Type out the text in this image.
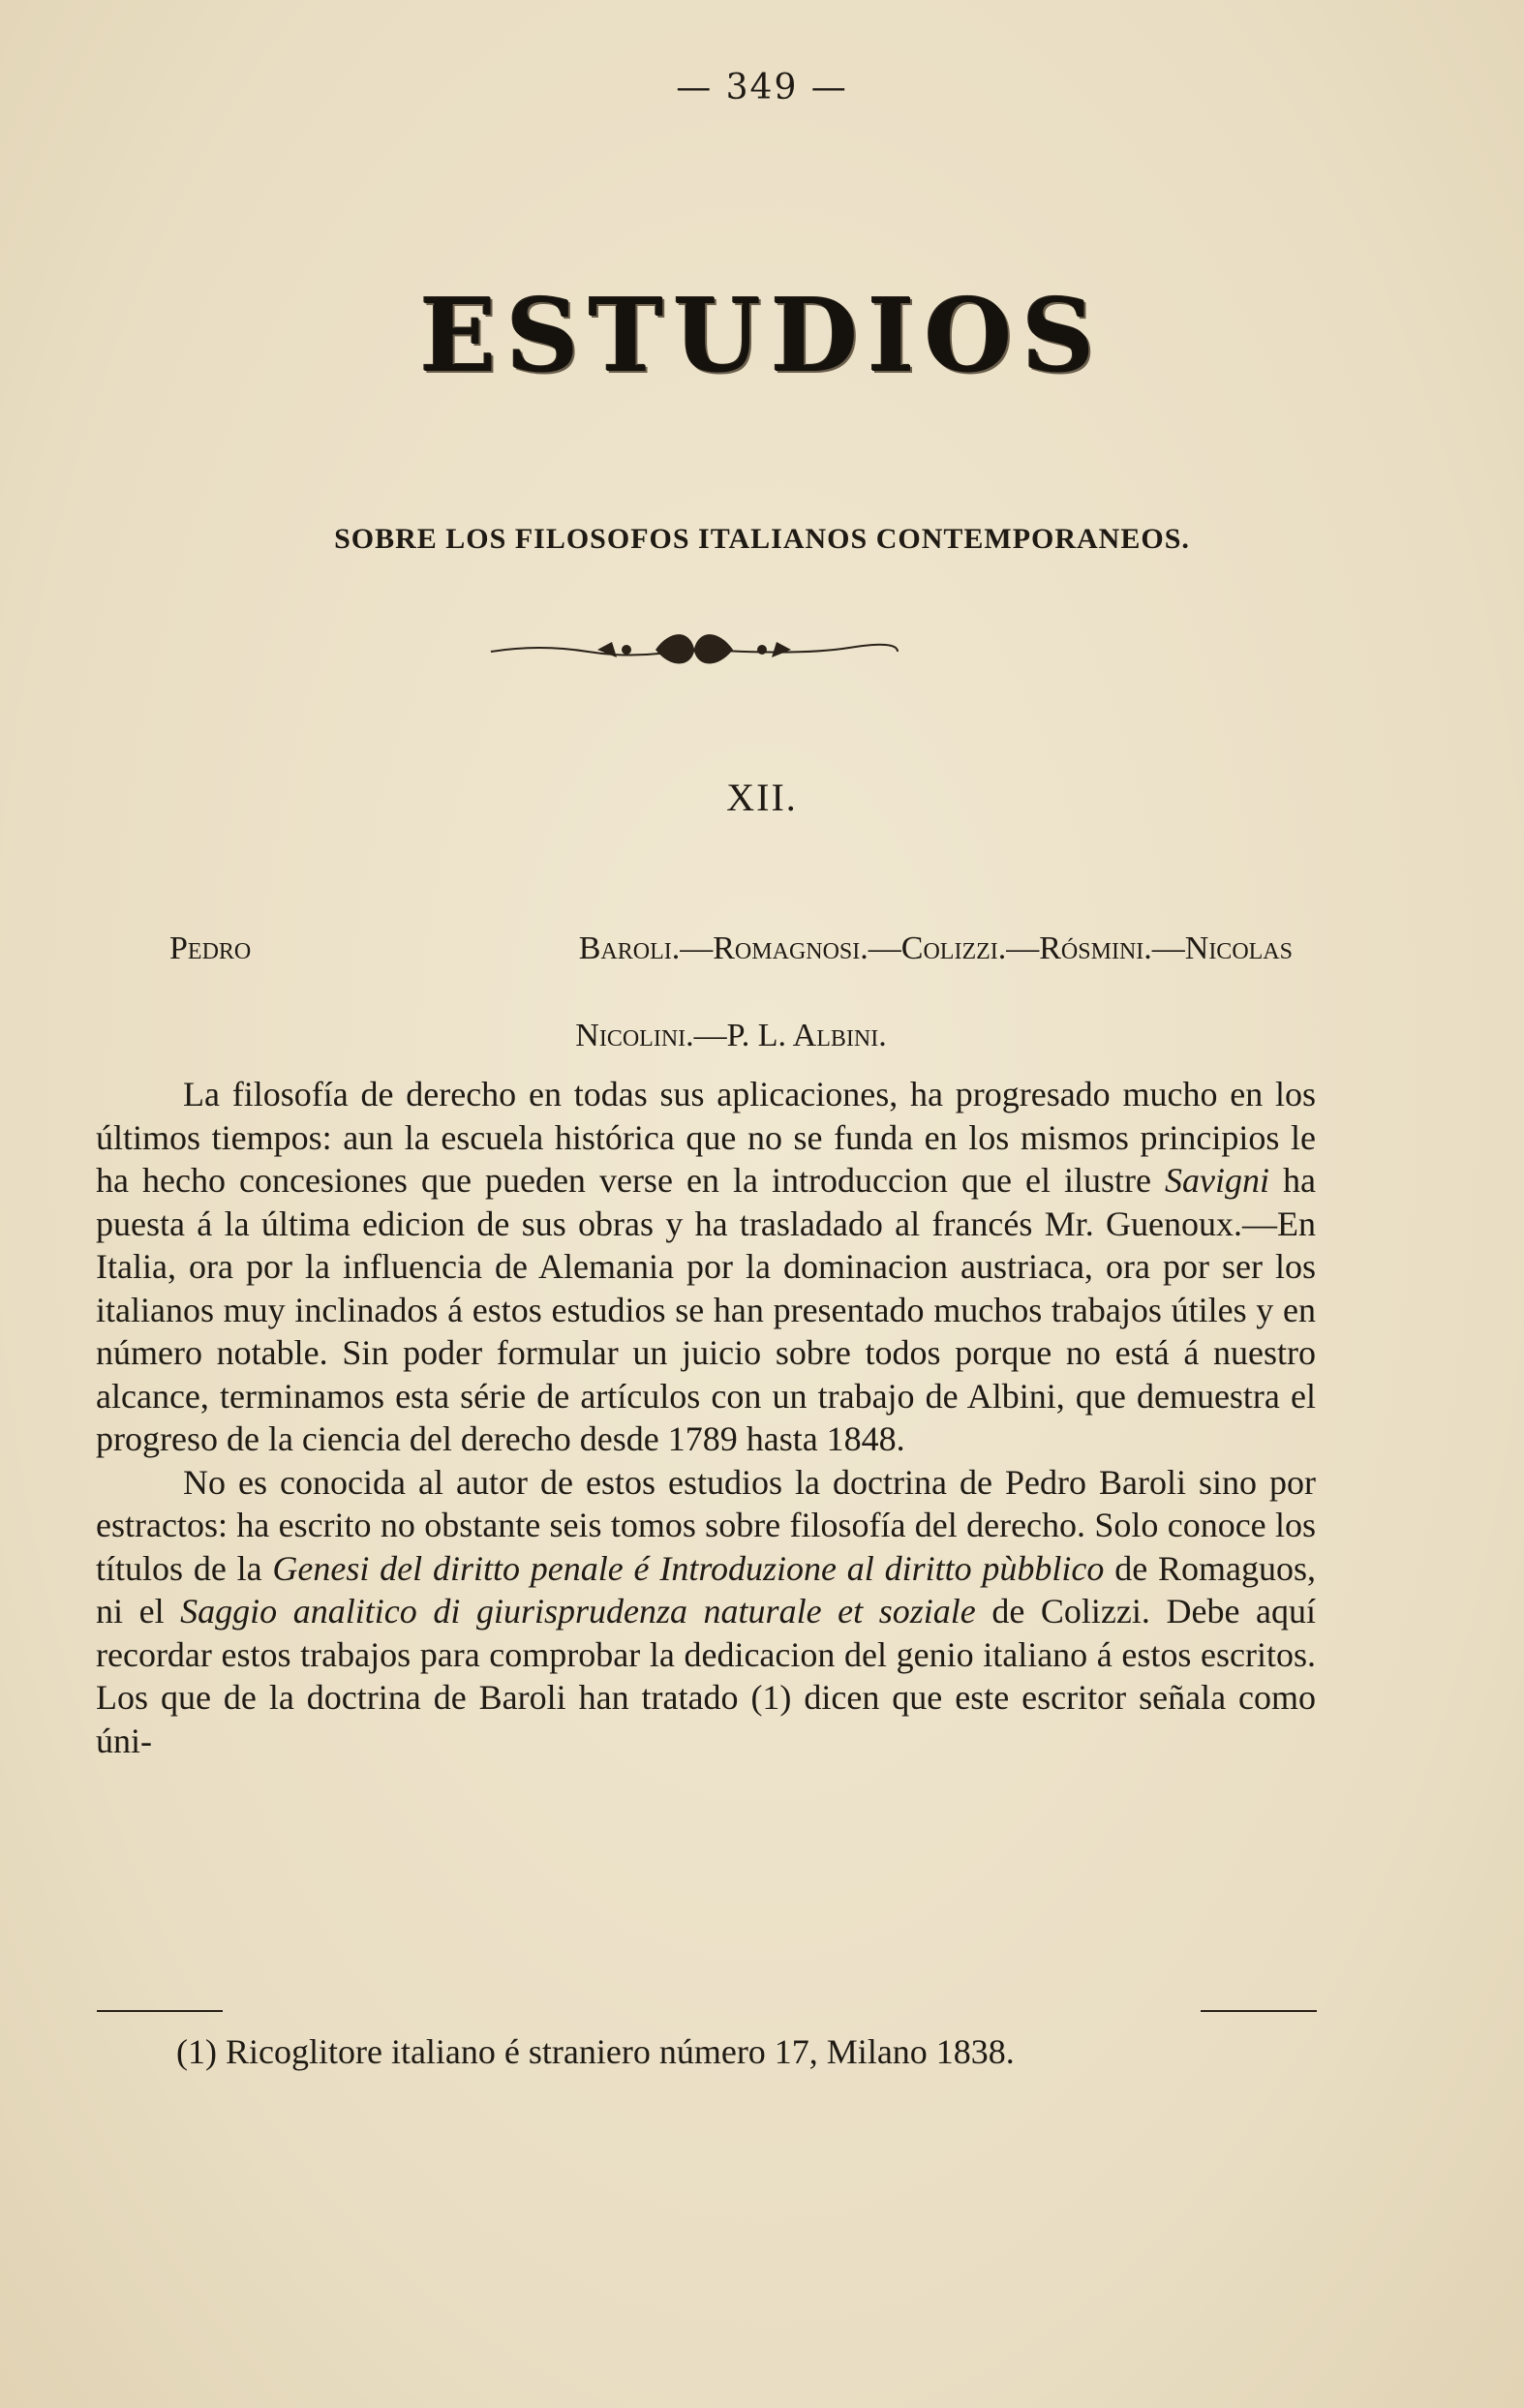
— 349 —
ESTUDIOS
SOBRE LOS FILOSOFOS ITALIANOS CONTEMPORANEOS.
XII.
Pedro Baroli.—Romagnosi.—Colizzi.—Rósmini.—Nicolas

Nicolini.—P. L. Albini.

La filosofía de derecho en todas sus aplicaciones, ha progresado mucho en los últimos tiempos: aun la escuela histórica que no se funda en los mismos principios le ha hecho concesiones que pueden verse en la introduccion que el ilustre Savigni ha puesta á la última edicion de sus obras y ha trasladado al francés Mr. Guenoux.—En Italia, ora por la influencia de Alemania por la dominacion austriaca, ora por ser los italianos muy inclinados á estos estudios se han presentado muchos trabajos útiles y en número notable. Sin poder formular un juicio sobre todos porque no está á nuestro alcance, terminamos esta série de artículos con un trabajo de Albini, que demuestra el progreso de la ciencia del derecho desde 1789 hasta 1848.

No es conocida al autor de estos estudios la doctrina de Pedro Baroli sino por estractos: ha escrito no obstante seis tomos sobre filosofía del derecho. Solo conoce los títulos de la Genesi del diritto penale é Introduzione al diritto pùbblico de Romaguos, ni el Saggio analitico di giurisprudenza naturale et soziale de Colizzi. Debe aquí recordar estos trabajos para comprobar la dedicacion del genio italiano á estos escritos. Los que de la doctrina de Baroli han tratado (1) dicen que este escritor señala como úni-

(1) Ricoglitore italiano é straniero número 17, Milano 1838.
